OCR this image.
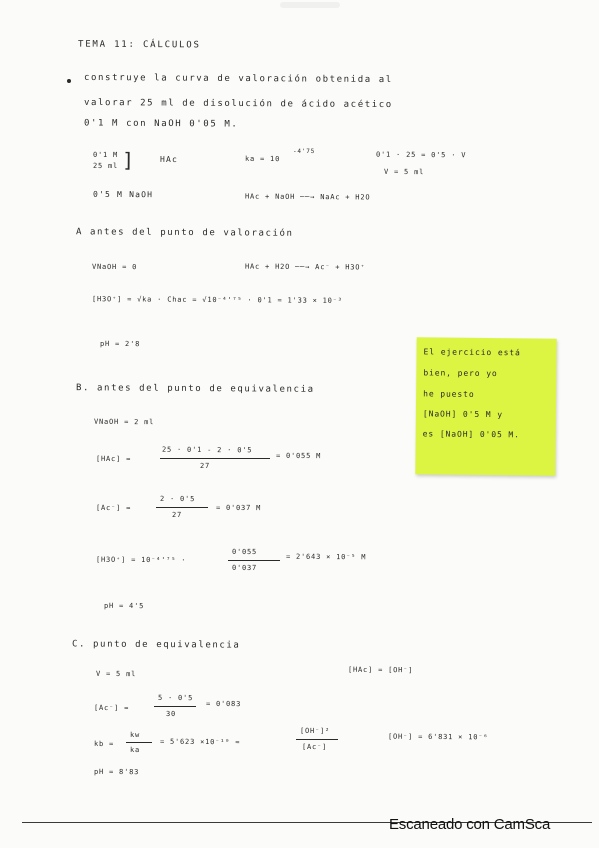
TEMA 11: CÁLCULOS
construye la curva de valoración obtenida al
valorar 25 ml de disolución de ácido acético
0'1 M con NaOH 0'05 M.
0'1 M
25 ml ]	HAc	ka = 10
-4'75	0'1 · 25 = 0'5 · V
V = 5 ml
0'5 M NaOH	HAc + NaOH ──→ NaAc + H2O
A antes del punto de valoración
VNaOH = 0	HAc + H2O ──→ Ac⁻ + H3O⁺
[H3O⁺] = √ka · Chac = √10⁻⁴'⁷⁵ · 0'1 = 1'33 × 10⁻³
pH = 2'8
B. antes del punto de equivalencia
VNaOH = 2 ml
[HAc] =
25 · 0'1 - 2 · 0'5
27
= 0'055 M
[Ac⁻] =
2 · 0'5
27
= 0'037 M
[H3O⁺] = 10⁻⁴'⁷⁵ ·
0'055
0'037
= 2'643 × 10⁻⁵ M
pH = 4'5
C. punto de equivalencia
V = 5 ml	[HAc] = [OH⁻]
[Ac⁻] =
5 · 0'5
30
= 0'083
kb =
kw
ka
= 5'623 ×10⁻¹⁰ =
[OH⁻]²
[Ac⁻]
[OH⁻] = 6'831 × 10⁻⁶
pH = 8'83
El ejercicio está
bien, pero yo
he puesto
[NaOH] 0'5 M y
es [NaOH] 0'05 M.
Escaneado con CamSca
